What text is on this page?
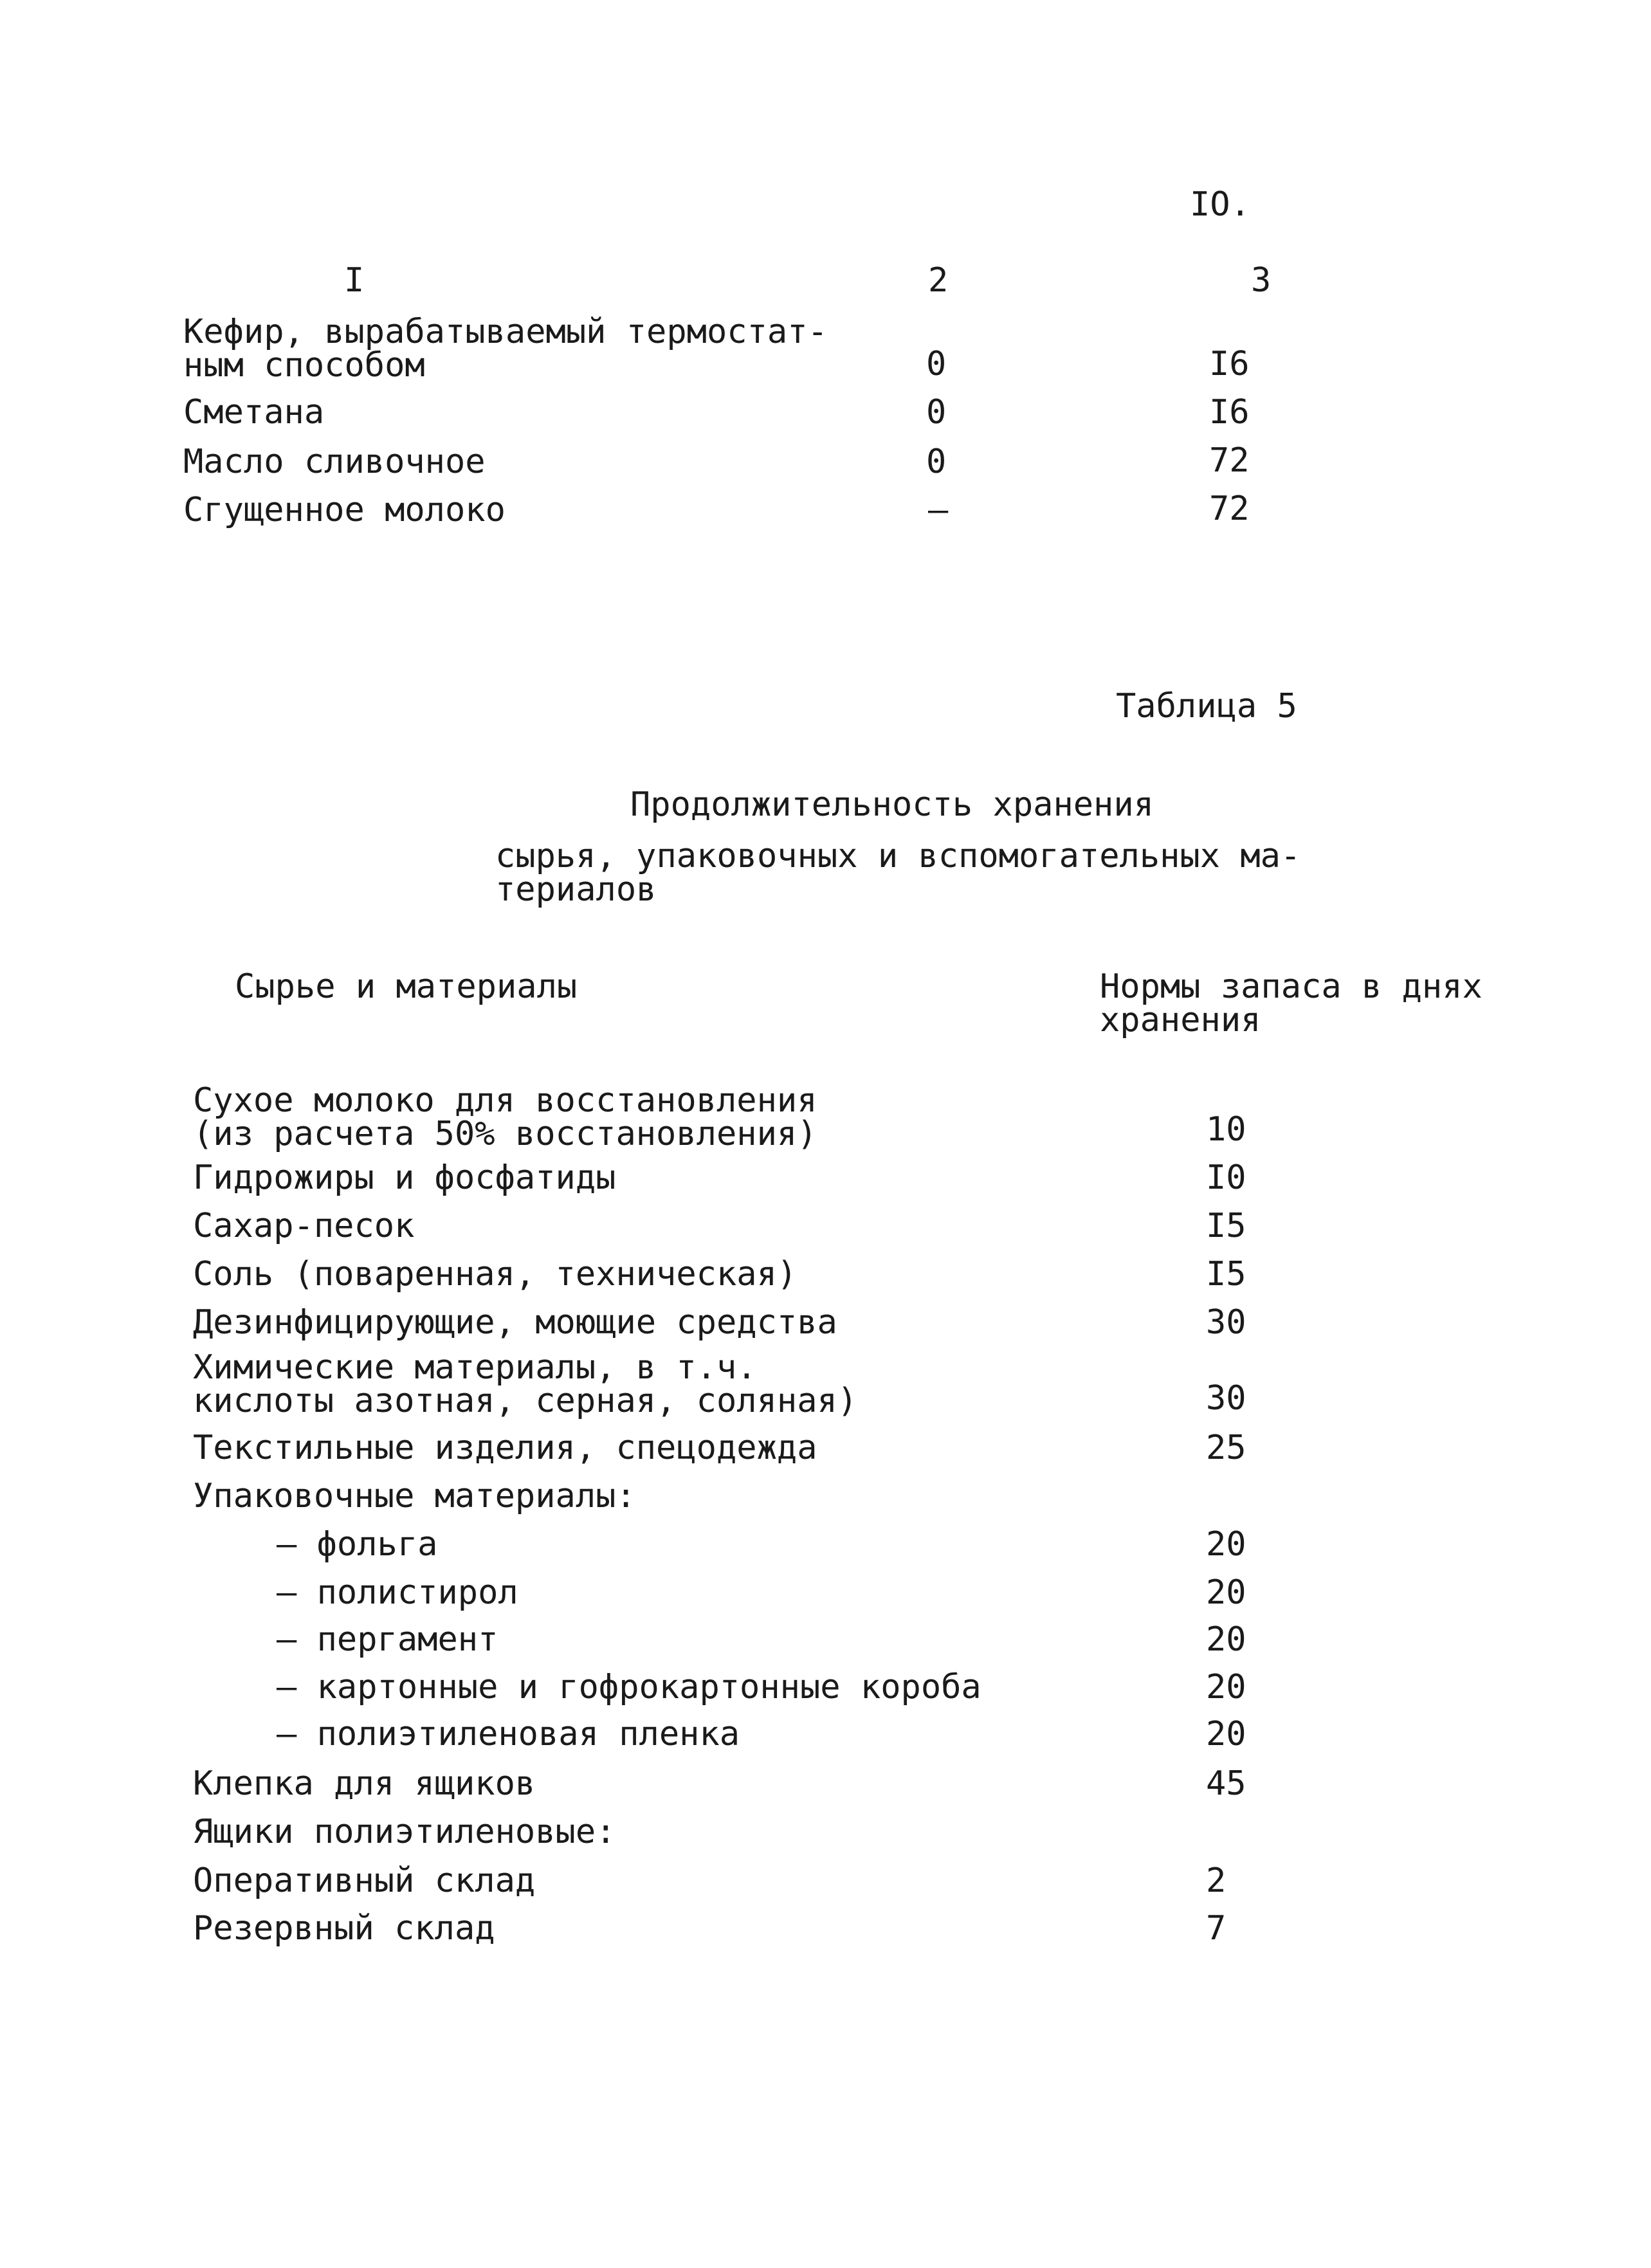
IO.
I	2	3
Кефир, вырабатываемый термостат-
ным способом	0	I6
Сметана	0	I6
Масло сливочное	0	72
Сгущенное молоко	–	72
Таблица 5
Продолжительность хранения
сырья, упаковочных и вспомогательных ма-
териалов
Сырье и материалы	Нормы запаса в днях
хранения
Сухое молоко для восстановления
(из расчета 50% восстановления)	10
Гидрожиры и фосфатиды	I0
Сахар-песок	I5
Соль (поваренная, техническая)	I5
Дезинфицирующие, моющие средства	30
Химические материалы, в т.ч.
кислоты азотная, серная, соляная)	30
Текстильные изделия, спецодежда	25
Упаковочные материалы:
– фольга	20
– полистирол	20
– пергамент	20
– картонные и гофрокартонные короба	20
– полиэтиленовая пленка	20
Клепка для ящиков	45
Ящики полиэтиленовые:
Оперативный склад	2
Резервный склад	7
